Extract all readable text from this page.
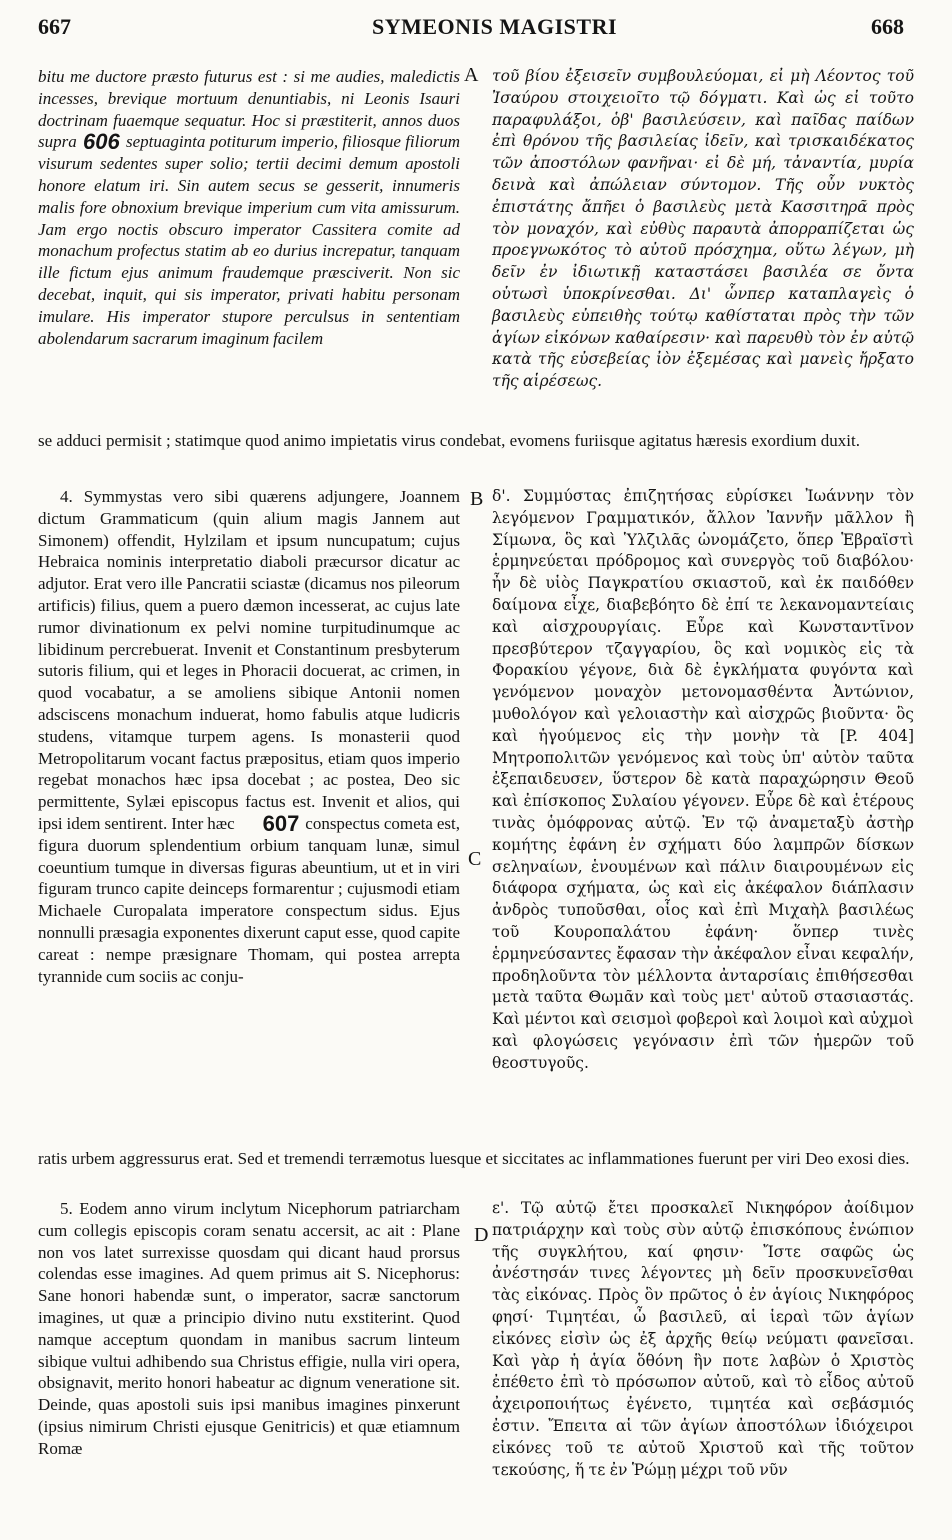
667	SYMEONIS MAGISTRI	668
A
B
C
D

bitu me ductore præsto futurus est : si me audies, maledictis incesses, brevique mortuum denuntiabis, ni Leonis Isauri doctrinam fuaemque sequatur. Hoc si præstiterit, annos duos supra 606 septuaginta potiturum imperio, filiosque filiorum visurum sedentes super solio; tertii decimi demum apostoli honore elatum iri. Sin autem secus se gesserit, innumeris malis fore obnoxium brevique imperium cum vita amissurum. Jam ergo noctis obscuro imperator Cassitera comite ad monachum profectus statim ab eo durius increpatur, tanquam ille fictum ejus animum fraudemque præsciverit. Non sic decebat, inquit, qui sis imperator, privati habitu personam imulare. His imperator stupore perculsus in sententiam abolendarum sacrarum imaginum facilem

τοῦ βίου ἐξεισεῖν συμβουλεύομαι, εἰ μὴ Λέοντος τοῦ Ἰσαύρου στοιχειοῖτο τῷ δόγματι. Καὶ ὡς εἰ τοῦτο παραφυλάξοι, ὁβ' βασιλεύσειν, καὶ παῖδας παίδων ἐπὶ θρόνου τῆς βασιλείας ἰδεῖν, καὶ τρισκαιδέκατος τῶν ἀποστόλων φανῆναι· εἰ δὲ μή, τἀναντία, μυρία δεινὰ καὶ ἀπώλειαν σύντομον. Τῆς οὖν νυκτὸς ἐπιστάτης ἄπῆει ὁ βασιλεὺς μετὰ Κασσιτηρᾶ πρὸς τὸν μοναχόν, καὶ εὐθὺς παραυτὰ ἀπορραπίζεται ὡς προεγνωκότος τὸ αὐτοῦ πρόσχημα, οὕτω λέγων, μὴ δεῖν ἐν ἰδιωτικῇ καταστάσει βασιλέα σε ὄντα οὑτωσὶ ὑποκρίνεσθαι. Δι' ὧνπερ καταπλαγεὶς ὁ βασιλεὺς εὐπειθὴς τούτῳ καθίσταται πρὸς τὴν τῶν ἁγίων εἰκόνων καθαίρεσιν· καὶ παρευθὺ τὸν ἐν αὐτῷ κατὰ τῆς εὐσεβείας ἰὸν ἐξεμέσας καὶ μανεὶς ἤρξατο τῆς αἱρέσεως.

se adduci permisit ; statimque quod animo impietatis virus condebat, evomens furiisque agitatus hæresis exordium duxit.

4. Symmystas vero sibi quærens adjungere, Joannem dictum Grammaticum (quin alium magis Jannem aut Simonem) offendit, Hylzilam et ipsum nuncupatum; cujus Hebraica nominis interpretatio diaboli præcursor dicatur ac adjutor. Erat vero ille Pancratii sciastæ (dicamus nos pileorum artificis) filius, quem a puero dæmon incesserat, ac cujus late rumor divinationum ex pelvi nomine turpitudinumque ac libidinum percrebuerat. Invenit et Constantinum presbyterum sutoris filium, qui et leges in Phoracii docuerat, ac crimen, in quod vocabatur, a se amoliens sibique Antonii nomen adsciscens monachum induerat, homo fabulis atque ludicris studens, vitamque turpem agens. Is monasterii quod Metropolitarum vocant factus præpositus, etiam quos imperio regebat monachos hæc ipsa docebat ; ac postea, Deo sic permittente, Sylæi episcopus factus est. Invenit et alios, qui ipsi idem sentirent. Inter hæc 607 conspectus cometa est, figura duorum splendentium orbium tanquam lunæ, simul coeuntium tumque in diversas figuras abeuntium, ut et in viri figuram trunco capite deinceps formarentur ; cujusmodi etiam Michaele Curopalata imperatore conspectum sidus. Ejus nonnulli præsagia exponentes dixerunt caput esse, quod capite careat : nempe præsignare Thomam, qui postea arrepta tyrannide cum sociis ac conju-

δ'. Συμμύστας ἐπιζητήσας εὑρίσκει Ἰωάννην τὸν λεγόμενον Γραμματικόν, ἄλλον Ἰαννῆν μᾶλλον ἢ Σίμωνα, ὃς καὶ Ὑλζιλᾶς ὠνομάζετο, ὅπερ Ἑβραϊστὶ ἑρμηνεύεται πρόδρομος καὶ συνεργὸς τοῦ διαβόλου· ἦν δὲ υἱὸς Παγκρατίου σκιαστοῦ, καὶ ἐκ παιδόθεν δαίμονα εἶχε, διαβεβόητο δὲ ἐπί τε λεκανομαντείαις καὶ αἰσχρουργίαις. Εὗρε καὶ Κωνσταντῖνον πρεσβύτερον τζαγγαρίου, ὃς καὶ νομικὸς εἰς τὰ Φορακίου γέγονε, διὰ δὲ ἐγκλήματα φυγόντα καὶ γενόμενον μοναχὸν μετονομασθέντα Ἀντώνιον, μυθολόγον καὶ γελοιαστὴν καὶ αἰσχρῶς βιοῦντα· ὃς καὶ ἡγούμενος εἰς τὴν μονὴν τὰ [P. 404] Μητροπολιτῶν γενόμενος καὶ τοὺς ὑπ' αὐτὸν ταῦτα ἐξεπαιδευσεν, ὕστερον δὲ κατὰ παραχώρησιν Θεοῦ καὶ ἐπίσκοπος Συλαίου γέγονεν. Εὗρε δὲ καὶ ἑτέρους τινὰς ὁμόφρονας αὐτῷ. Ἐν τῷ ἀναμεταξὺ ἀστὴρ κομήτης ἐφάνη ἐν σχήματι δύο λαμπρῶν δίσκων σεληναίων, ἑνουμένων καὶ πάλιν διαιρουμένων εἰς διάφορα σχήματα, ὡς καὶ εἰς ἀκέφαλον διάπλασιν ἀνδρὸς τυποῦσθαι, οἷος καὶ ἐπὶ Μιχαὴλ βασιλέως τοῦ Κουροπαλάτου ἐφάνη· ὅνπερ τινὲς ἑρμηνεύσαντες ἔφασαν τὴν ἀκέφαλον εἶναι κεφαλήν, προδηλοῦντα τὸν μέλλοντα ἀνταρσίαις ἐπιθήσεσθαι μετὰ ταῦτα Θωμᾶν καὶ τοὺς μετ' αὐτοῦ στασιαστάς. Καὶ μέντοι καὶ σεισμοὶ φοβεροὶ καὶ λοιμοὶ καὶ αὐχμοὶ καὶ φλογώσεις γεγόνασιν ἐπὶ τῶν ἡμερῶν τοῦ θεοστυγοῦς.

ratis urbem aggressurus erat. Sed et tremendi terræmotus luesque et siccitates ac inflammationes fuerunt per viri Deo exosi dies.

5. Eodem anno virum inclytum Nicephorum patriarcham cum collegis episcopis coram senatu accersit, ac ait : Plane non vos latet surrexisse quosdam qui dicant haud prorsus colendas esse imagines. Ad quem primus ait S. Nicephorus: Sane honori habendæ sunt, o imperator, sacræ sanctorum imagines, ut quæ a principio divino nutu exstiterint. Quod namque acceptum quondam in manibus sacrum linteum sibique vultui adhibendo sua Christus effigie, nulla viri opera, obsignavit, merito honori habeatur ac dignum veneratione sit. Deinde, quas apostoli suis ipsi manibus imagines pinxerunt (ipsius nimirum Christi ejusque Genitricis) et quæ etiamnum Romæ

ε'. Τῷ αὐτῷ ἔτει προσκαλεῖ Νικηφόρον ἀοίδιμον πατριάρχην καὶ τοὺς σὺν αὐτῷ ἐπισκόπους ἐνώπιον τῆς συγκλήτου, καί φησιν· Ἴστε σαφῶς ὡς ἀνέστησάν τινες λέγοντες μὴ δεῖν προσκυνεῖσθαι τὰς εἰκόνας. Πρὸς ὃν πρῶτος ὁ ἐν ἁγίοις Νικηφόρος φησί· Τιμητέαι, ὦ βασιλεῦ, αἱ ἱεραὶ τῶν ἁγίων εἰκόνες εἰσὶν ὡς ἐξ ἀρχῆς θείῳ νεύματι φανεῖσαι. Καὶ γὰρ ἡ ἁγία ὅθόνη ἣν ποτε λαβὼν ὁ Χριστὸς ἐπέθετο ἐπὶ τὸ πρόσωπον αὐτοῦ, καὶ τὸ εἶδος αὐτοῦ ἀχειροποιήτως ἐγένετο, τιμητέα καὶ σεβάσμιός ἐστιν. Ἔπειτα αἱ τῶν ἁγίων ἀποστόλων ἰδιόχειροι εἰκόνες τοῦ τε αὐτοῦ Χριστοῦ καὶ τῆς τοῦτον τεκούσης, ἥ τε ἐν Ῥώμῃ μέχρι τοῦ νῦν
